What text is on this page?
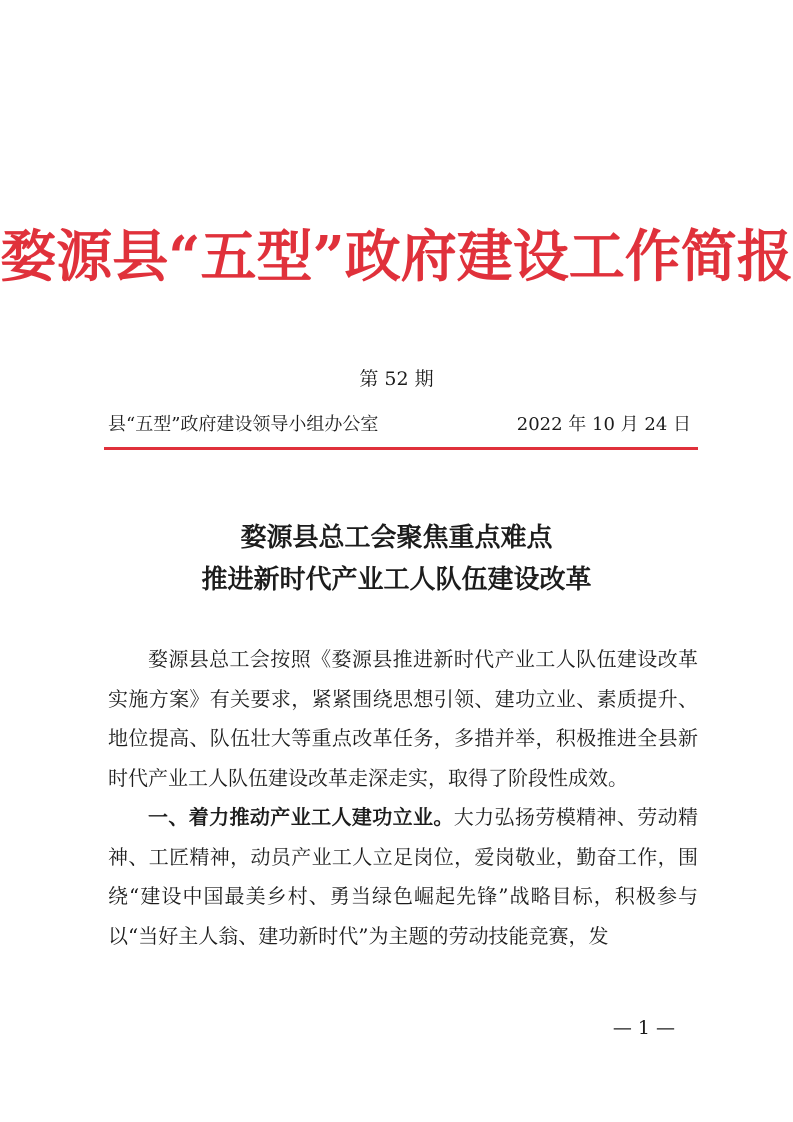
婺源县“五型”政府建设工作简报
第 52 期
县“五型”政府建设领导小组办公室	2022 年 10 月 24 日
婺源县总工会聚焦重点难点
推进新时代产业工人队伍建设改革

婺源县总工会按照《婺源县推进新时代产业工人队伍建设改革实施方案》有关要求，紧紧围绕思想引领、建功立业、素质提升、地位提高、队伍壮大等重点改革任务，多措并举，积极推进全县新时代产业工人队伍建设改革走深走实，取得了阶段性成效。

一、着力推动产业工人建功立业。大力弘扬劳模精神、劳动精神、工匠精神，动员产业工人立足岗位，爱岗敬业，勤奋工作，围绕“建设中国最美乡村、勇当绿色崛起先锋”战略目标，积极参与以“当好主人翁、建功新时代”为主题的劳动技能竞赛，发

— 1 —
